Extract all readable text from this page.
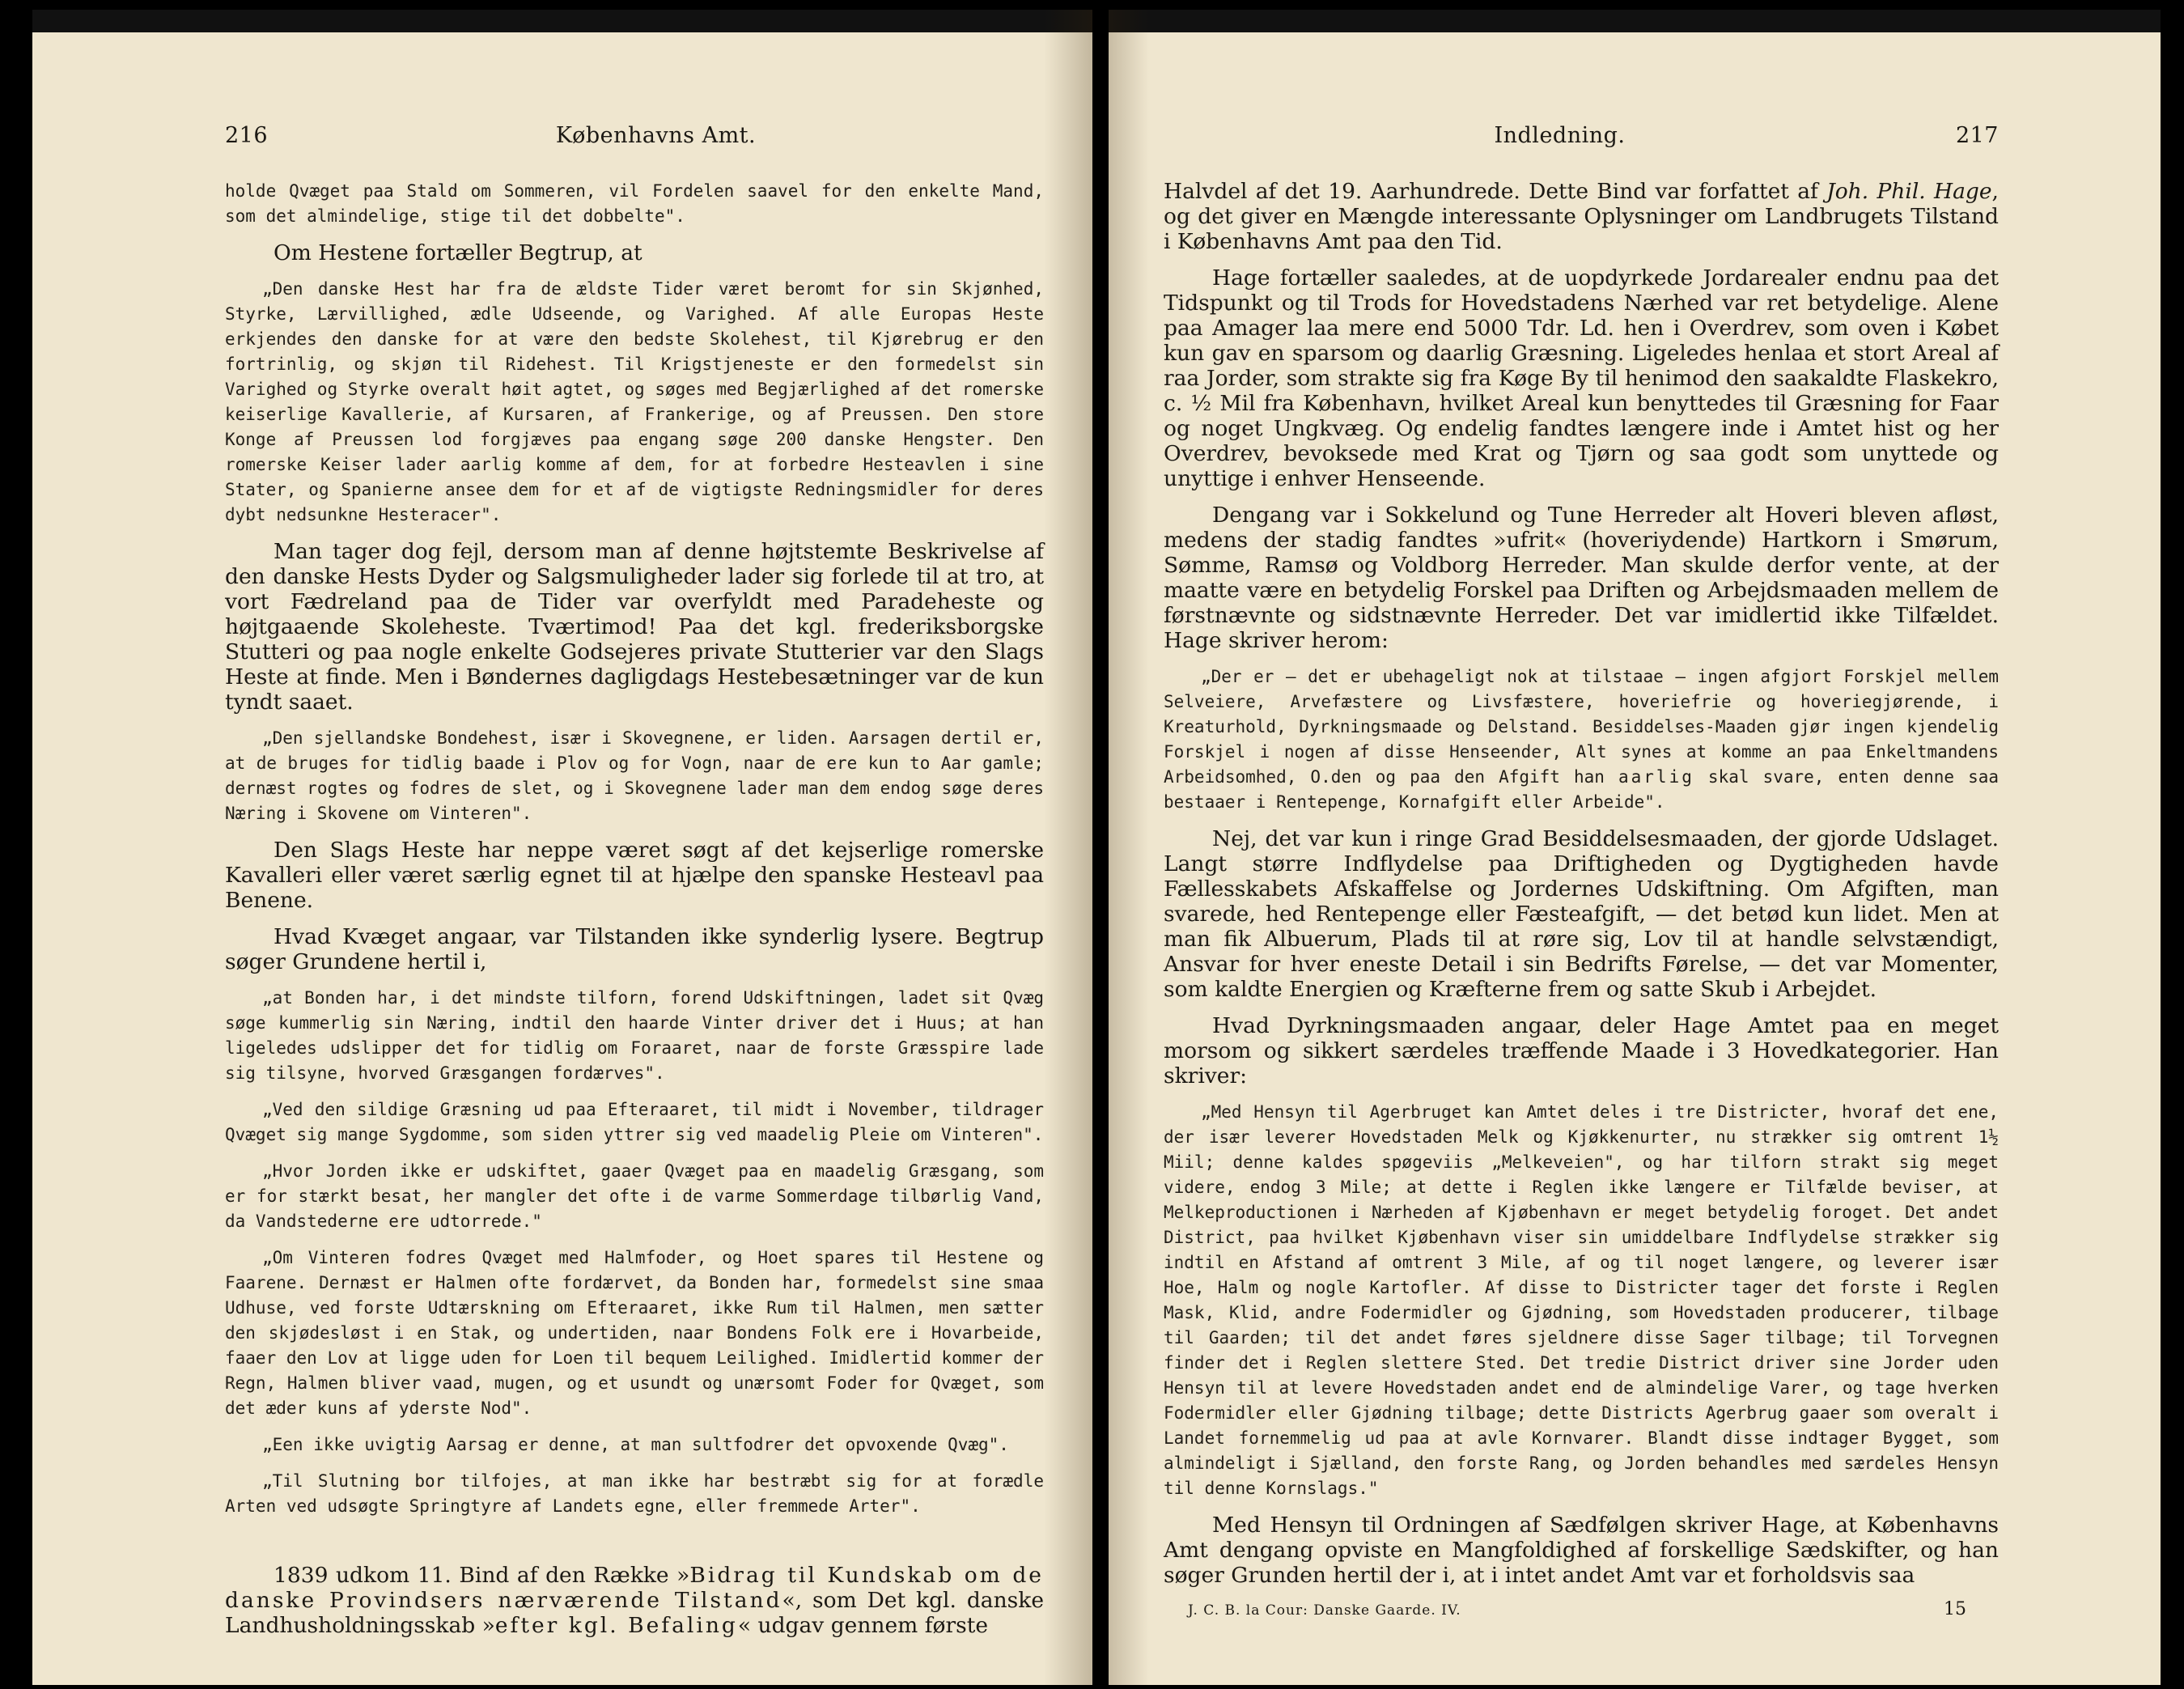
216	Københavns Amt.

holde Qvæget paa Stald om Sommeren, vil Fordelen saavel for den enkelte Mand, som det almindelige, stige til det dobbelte".

Om Hestene fortæller Begtrup, at

„Den danske Hest har fra de ældste Tider været beromt for sin Skjønhed, Styrke, Lærvillighed, ædle Udseende, og Varighed. Af alle Europas Heste erkjendes den danske for at være den bedste Skolehest, til Kjørebrug er den fortrinlig, og skjøn til Ridehest. Til Krigstjeneste er den formedelst sin Varighed og Styrke overalt høit agtet, og søges med Begjærlighed af det romerske keiserlige Kavallerie, af Kursaren, af Frankerige, og af Preussen. Den store Konge af Preussen lod forgjæves paa engang søge 200 danske Hengster. Den romerske Keiser lader aarlig komme af dem, for at forbedre Hesteavlen i sine Stater, og Spanierne ansee dem for et af de vigtigste Redningsmidler for deres dybt nedsunkne Hesteracer".

Man tager dog fejl, dersom man af denne højtstemte Beskrivelse af den danske Hests Dyder og Salgsmuligheder lader sig forlede til at tro, at vort Fædreland paa de Tider var overfyldt med Paradeheste og højtgaaende Skoleheste. Tværtimod! Paa det kgl. frederiksborgske Stutteri og paa nogle enkelte Godsejeres private Stutterier var den Slags Heste at finde. Men i Bøndernes dagligdags Hestebesætninger var de kun tyndt saaet.

„Den sjellandske Bondehest, især i Skovegnene, er liden. Aarsagen dertil er, at de bruges for tidlig baade i Plov og for Vogn, naar de ere kun to Aar gamle; dernæst rogtes og fodres de slet, og i Skovegnene lader man dem endog søge deres Næring i Skovene om Vinteren".

Den Slags Heste har neppe været søgt af det kejserlige romerske Kavalleri eller været særlig egnet til at hjælpe den spanske Hesteavl paa Benene.

Hvad Kvæget angaar, var Tilstanden ikke synderlig lysere. Begtrup søger Grundene hertil i,

„at Bonden har, i det mindste tilforn, forend Udskiftningen, ladet sit Qvæg søge kummerlig sin Næring, indtil den haarde Vinter driver det i Huus; at han ligeledes udslipper det for tidlig om Foraaret, naar de forste Græsspire lade sig tilsyne, hvorved Græsgangen fordærves".

„Ved den sildige Græsning ud paa Efteraaret, til midt i November, tildrager Qvæget sig mange Sygdomme, som siden yttrer sig ved maadelig Pleie om Vinteren".

„Hvor Jorden ikke er udskiftet, gaaer Qvæget paa en maadelig Græsgang, som er for stærkt besat, her mangler det ofte i de varme Sommerdage tilbørlig Vand, da Vandstederne ere udtorrede."

„Om Vinteren fodres Qvæget med Halmfoder, og Hoet spares til Hestene og Faarene. Dernæst er Halmen ofte fordærvet, da Bonden har, formedelst sine smaa Udhuse, ved forste Udtærskning om Efteraaret, ikke Rum til Halmen, men sætter den skjødesløst i en Stak, og undertiden, naar Bondens Folk ere i Hovarbeide, faaer den Lov at ligge uden for Loen til bequem Leilighed. Imidlertid kommer der Regn, Halmen bliver vaad, mugen, og et usundt og unærsomt Foder for Qvæget, som det æder kuns af yderste Nod".

„Een ikke uvigtig Aarsag er denne, at man sultfodrer det opvoxende Qvæg".

„Til Slutning bor tilfojes, at man ikke har bestræbt sig for at forædle Arten ved udsøgte Springtyre af Landets egne, eller fremmede Arter".

1839 udkom 11. Bind af den Række »Bidrag til Kundskab om de danske Provindsers nærværende Tilstand«, som Det kgl. danske Landhusholdningsskab »efter kgl. Befaling« udgav gennem første

Indledning.	217

Halvdel af det 19. Aarhundrede. Dette Bind var forfattet af Joh. Phil. Hage, og det giver en Mængde interessante Oplysninger om Landbrugets Tilstand i Københavns Amt paa den Tid.

Hage fortæller saaledes, at de uopdyrkede Jordarealer endnu paa det Tidspunkt og til Trods for Hovedstadens Nærhed var ret betydelige. Alene paa Amager laa mere end 5000 Tdr. Ld. hen i Overdrev, som oven i Købet kun gav en sparsom og daarlig Græsning. Ligeledes henlaa et stort Areal af raa Jorder, som strakte sig fra Køge By til henimod den saakaldte Flaskekro, c. ½ Mil fra København, hvilket Areal kun benyttedes til Græsning for Faar og noget Ungkvæg. Og endelig fandtes længere inde i Amtet hist og her Overdrev, bevoksede med Krat og Tjørn og saa godt som unyttede og unyttige i enhver Henseende.

Dengang var i Sokkelund og Tune Herreder alt Hoveri bleven afløst, medens der stadig fandtes »ufrit« (hoveriydende) Hartkorn i Smørum, Sømme, Ramsø og Voldborg Herreder. Man skulde derfor vente, at der maatte være en betydelig Forskel paa Driften og Arbejdsmaaden mellem de førstnævnte og sidstnævnte Herreder. Det var imidlertid ikke Tilfældet. Hage skriver herom:

„Der er — det er ubehageligt nok at tilstaae — ingen afgjort Forskjel mellem Selveiere, Arvefæstere og Livsfæstere, hoveriefrie og hoveriegjørende, i Kreaturhold, Dyrkningsmaade og Delstand. Besiddelses-Maaden gjør ingen kjendelig Forskjel i nogen af disse Henseender, Alt synes at komme an paa Enkeltmandens Arbeidsomhed, O.den og paa den Afgift han aarlig skal svare, enten denne saa bestaaer i Rentepenge, Kornafgift eller Arbeide".

Nej, det var kun i ringe Grad Besiddelsesmaaden, der gjorde Udslaget. Langt større Indflydelse paa Driftigheden og Dygtigheden havde Fællesskabets Afskaffelse og Jordernes Udskiftning. Om Afgiften, man svarede, hed Rentepenge eller Fæsteafgift, — det betød kun lidet. Men at man fik Albuerum, Plads til at røre sig, Lov til at handle selvstændigt, Ansvar for hver eneste Detail i sin Bedrifts Førelse, — det var Momenter, som kaldte Energien og Kræfterne frem og satte Skub i Arbejdet.

Hvad Dyrkningsmaaden angaar, deler Hage Amtet paa en meget morsom og sikkert særdeles træffende Maade i 3 Hovedkategorier. Han skriver:

„Med Hensyn til Agerbruget kan Amtet deles i tre Districter, hvoraf det ene, der især leverer Hovedstaden Melk og Kjøkkenurter, nu strækker sig omtrent 1½ Miil; denne kaldes spøgeviis „Melkeveien", og har tilforn strakt sig meget videre, endog 3 Mile; at dette i Reglen ikke længere er Tilfælde beviser, at Melkeproductionen i Nærheden af Kjøbenhavn er meget betydelig foroget. Det andet District, paa hvilket Kjøbenhavn viser sin umiddelbare Indflydelse strækker sig indtil en Afstand af omtrent 3 Mile, af og til noget længere, og leverer især Hoe, Halm og nogle Kartofler. Af disse to Districter tager det forste i Reglen Mask, Klid, andre Fodermidler og Gjødning, som Hovedstaden producerer, tilbage til Gaarden; til det andet føres sjeldnere disse Sager tilbage; til Torvegnen finder det i Reglen slettere Sted. Det tredie District driver sine Jorder uden Hensyn til at levere Hovedstaden andet end de almindelige Varer, og tage hverken Fodermidler eller Gjødning tilbage; dette Districts Agerbrug gaaer som overalt i Landet fornemmelig ud paa at avle Kornvarer. Blandt disse indtager Bygget, som almindeligt i Sjælland, den forste Rang, og Jorden behandles med særdeles Hensyn til denne Kornslags."

Med Hensyn til Ordningen af Sædfølgen skriver Hage, at Københavns Amt dengang opviste en Mangfoldighed af forskellige Sædskifter, og han søger Grunden hertil der i, at i intet andet Amt var et forholdsvis saa

J. C. B. la Cour: Danske Gaarde. IV.	15
